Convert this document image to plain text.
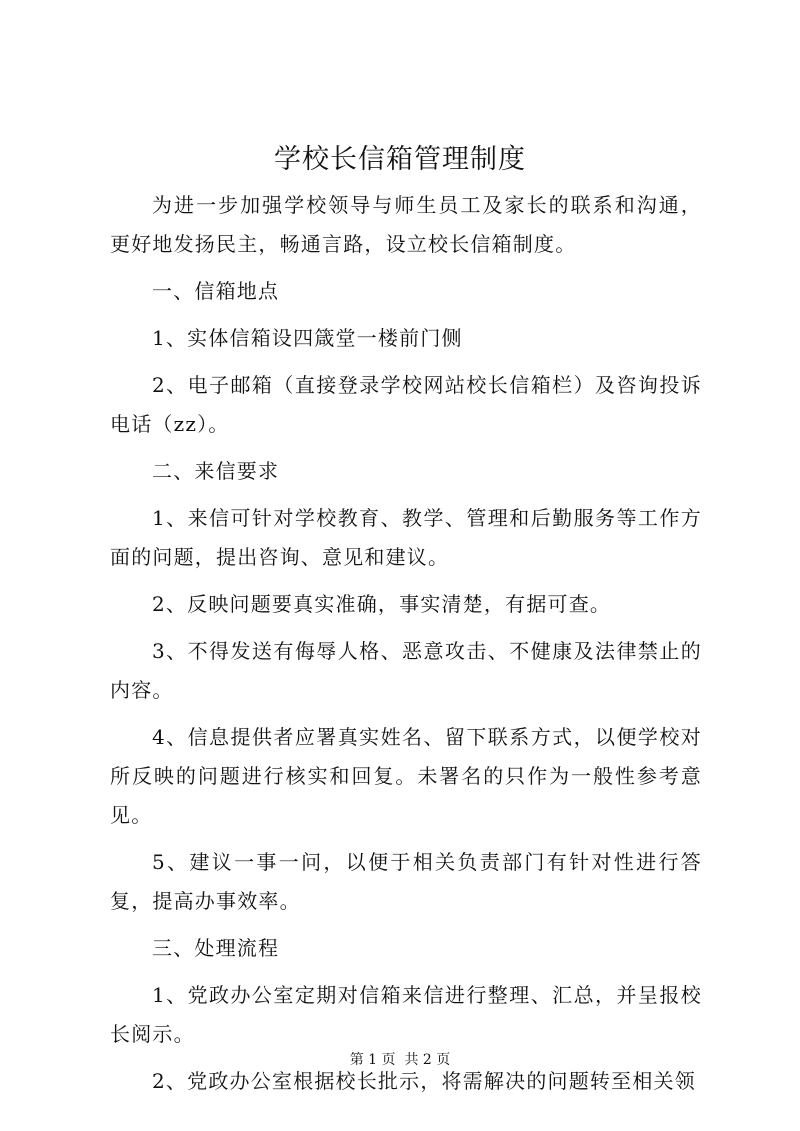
学校长信箱管理制度

为进一步加强学校领导与师生员工及家长的联系和沟通，更好地发扬民主，畅通言路，设立校长信箱制度。

一、信箱地点

1、实体信箱设四箴堂一楼前门侧

2、电子邮箱（直接登录学校网站校长信箱栏）及咨询投诉电话（zz）。

二、来信要求

1、来信可针对学校教育、教学、管理和后勤服务等工作方面的问题，提出咨询、意见和建议。

2、反映问题要真实准确，事实清楚，有据可查。

3、不得发送有侮辱人格、恶意攻击、不健康及法律禁止的内容。

4、信息提供者应署真实姓名、留下联系方式，以便学校对所反映的问题进行核实和回复。未署名的只作为一般性参考意见。

5、建议一事一问，以便于相关负责部门有针对性进行答复，提高办事效率。

三、处理流程

1、党政办公室定期对信箱来信进行整理、汇总，并呈报校长阅示。

2、党政办公室根据校长批示，将需解决的问题转至相关领

第 1 页  共 2 页
